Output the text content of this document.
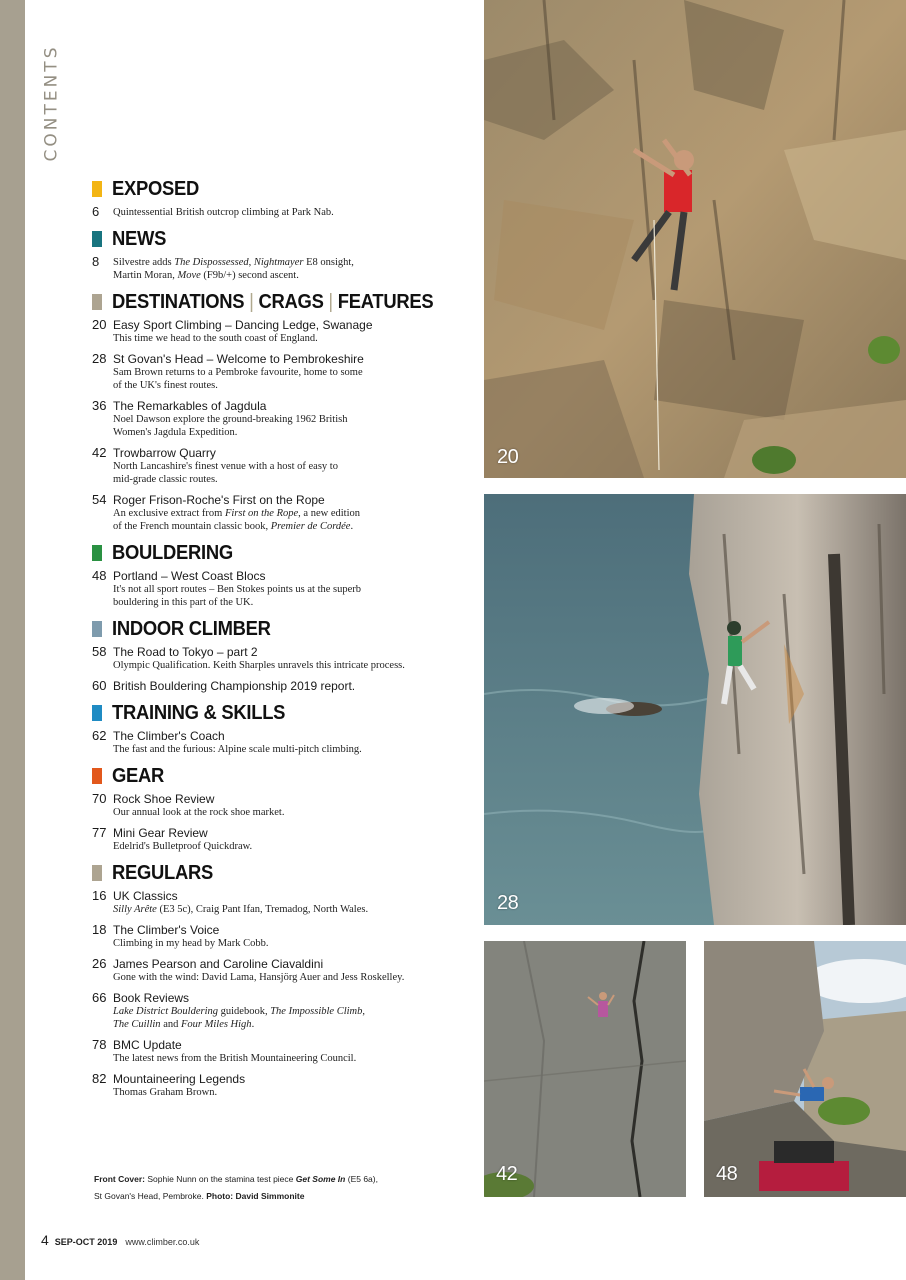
CONTENTS
EXPOSED
6	Quintessential British outcrop climbing at Park Nab.
NEWS
8	Silvestre adds The Dispossessed, Nightmayer E8 onsight,
Martin Moran, Move (F9b/+) second ascent.
DESTINATIONS | CRAGS | FEATURES
20 Easy Sport Climbing – Dancing Ledge, Swanage
This time we head to the south coast of England.
28 St Govan's Head – Welcome to Pembrokeshire
Sam Brown returns to a Pembroke favourite, home to some
of the UK's finest routes.
36 The Remarkables of Jagdula
Noel Dawson explore the ground-breaking 1962 British
Women's Jagdula Expedition.
42 Trowbarrow Quarry
North Lancashire's finest venue with a host of easy to
mid-grade classic routes.
54 Roger Frison-Roche's First on the Rope
An exclusive extract from First on the Rope, a new edition
of the French mountain classic book, Premier de Cordée.
BOULDERING
48 Portland – West Coast Blocs
It's not all sport routes – Ben Stokes points us at the superb
bouldering in this part of the UK.
INDOOR CLIMBER
58 The Road to Tokyo – part 2
Olympic Qualification. Keith Sharples unravels this intricate process.
60 British Bouldering Championship 2019 report.
TRAINING & SKILLS
62 The Climber's Coach
The fast and the furious: Alpine scale multi-pitch climbing.
GEAR
70 Rock Shoe Review
Our annual look at the rock shoe market.
77 Mini Gear Review
Edelrid's Bulletproof Quickdraw.
REGULARS
16 UK Classics
Silly Arête (E3 5c), Craig Pant Ifan, Tremadog, North Wales.
18 The Climber's Voice
Climbing in my head by Mark Cobb.
26 James Pearson and Caroline Ciavaldini
Gone with the wind: David Lama, Hansjörg Auer and Jess Roskelley.
66 Book Reviews
Lake District Bouldering guidebook, The Impossible Climb,
The Cuillin and Four Miles High.
78 BMC Update
The latest news from the British Mountaineering Council.
82 Mountaineering Legends
Thomas Graham Brown.
Front Cover: Sophie Nunn on the stamina test piece Get Some In (E5 6a),
St Govan's Head, Pembroke. Photo: David Simmonite
4 SEP-OCT 2019 www.climber.co.uk
20
28
42	48
